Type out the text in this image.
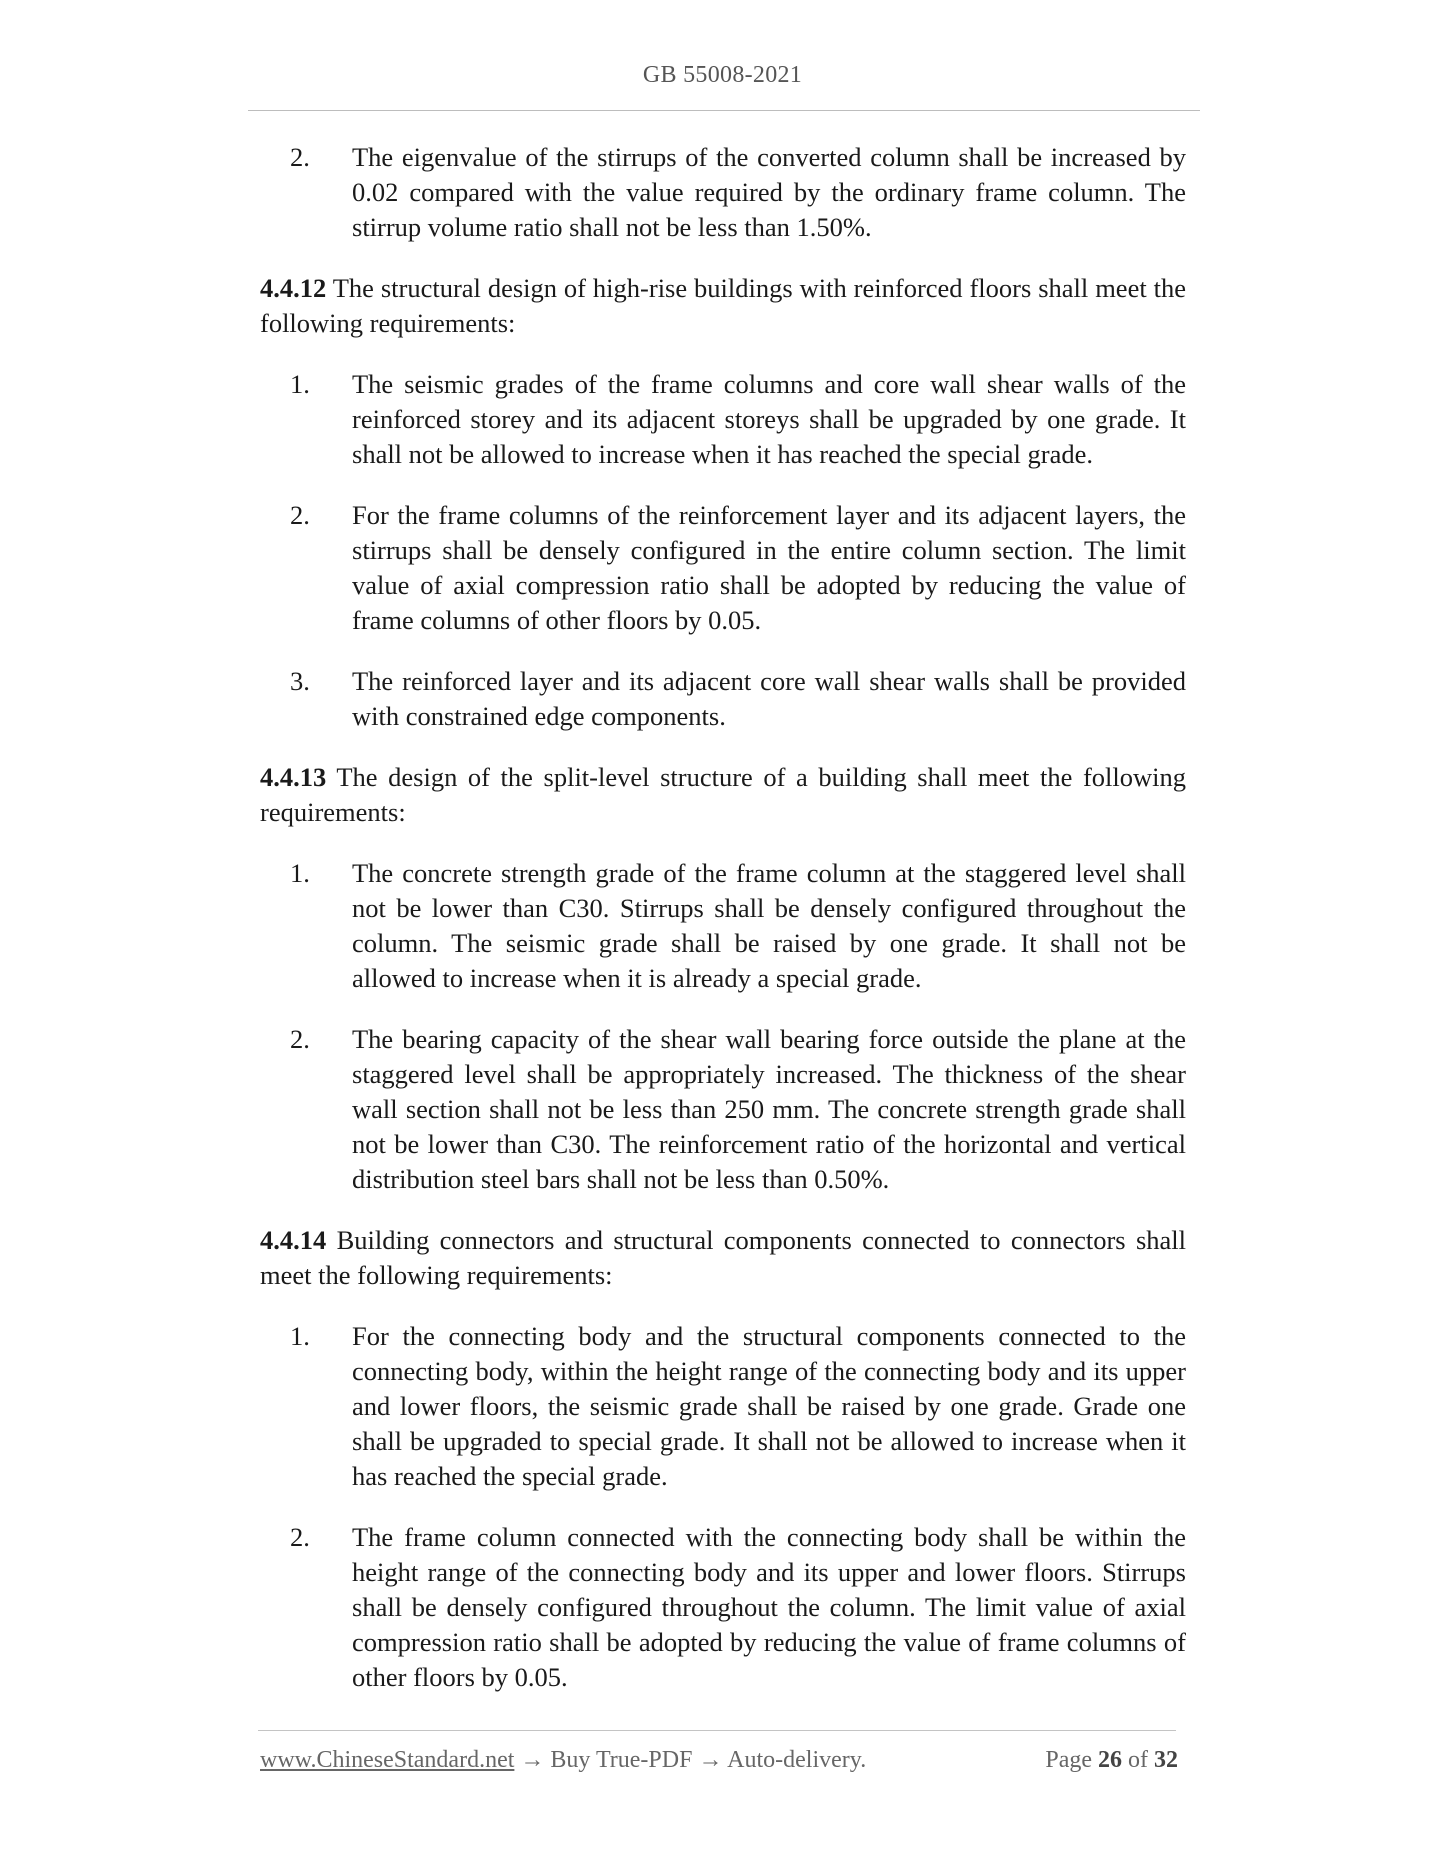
GB 55008-2021
2. The eigenvalue of the stirrups of the converted column shall be increased by 0.02 compared with the value required by the ordinary frame column. The stirrup volume ratio shall not be less than 1.50%.
4.4.12 The structural design of high-rise buildings with reinforced floors shall meet the following requirements:
1. The seismic grades of the frame columns and core wall shear walls of the reinforced storey and its adjacent storeys shall be upgraded by one grade. It shall not be allowed to increase when it has reached the special grade.
2. For the frame columns of the reinforcement layer and its adjacent layers, the stirrups shall be densely configured in the entire column section. The limit value of axial compression ratio shall be adopted by reducing the value of frame columns of other floors by 0.05.
3. The reinforced layer and its adjacent core wall shear walls shall be provided with constrained edge components.
4.4.13 The design of the split-level structure of a building shall meet the following requirements:
1. The concrete strength grade of the frame column at the staggered level shall not be lower than C30. Stirrups shall be densely configured throughout the column. The seismic grade shall be raised by one grade. It shall not be allowed to increase when it is already a special grade.
2. The bearing capacity of the shear wall bearing force outside the plane at the staggered level shall be appropriately increased. The thickness of the shear wall section shall not be less than 250 mm. The concrete strength grade shall not be lower than C30. The reinforcement ratio of the horizontal and vertical distribution steel bars shall not be less than 0.50%.
4.4.14 Building connectors and structural components connected to connectors shall meet the following requirements:
1. For the connecting body and the structural components connected to the connecting body, within the height range of the connecting body and its upper and lower floors, the seismic grade shall be raised by one grade. Grade one shall be upgraded to special grade. It shall not be allowed to increase when it has reached the special grade.
2. The frame column connected with the connecting body shall be within the height range of the connecting body and its upper and lower floors. Stirrups shall be densely configured throughout the column. The limit value of axial compression ratio shall be adopted by reducing the value of frame columns of other floors by 0.05.
www.ChineseStandard.net → Buy True-PDF → Auto-delivery.	Page 26 of 32
